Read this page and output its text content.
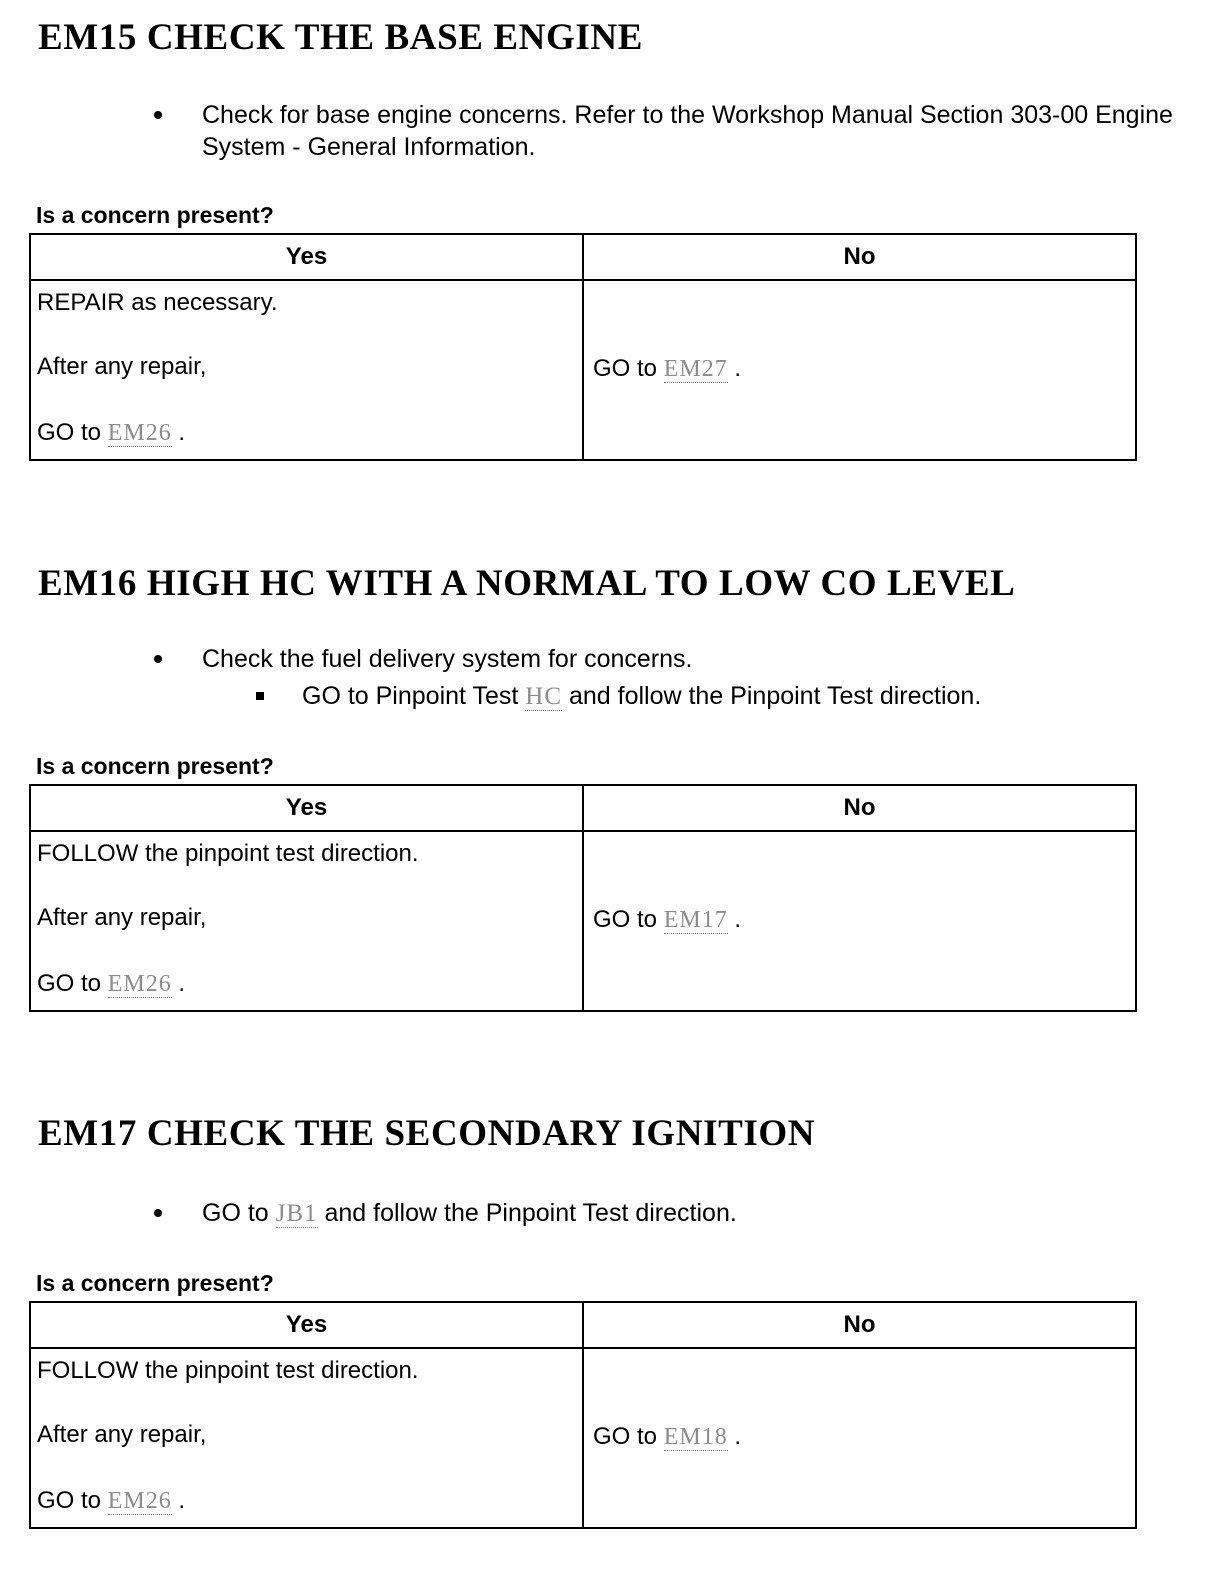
EM15 CHECK THE BASE ENGINE
Check for base engine concerns. Refer to the Workshop Manual Section 303-00 Engine System - General Information.
Is a concern present?
Yes	No

REPAIR as necessary.
After any repair,
GO to EM26 .	GO to EM27 .
EM16 HIGH HC WITH A NORMAL TO LOW CO LEVEL
Check the fuel delivery system for concerns.
GO to Pinpoint Test HC and follow the Pinpoint Test direction.
Is a concern present?
Yes	No

FOLLOW the pinpoint test direction.
After any repair,
GO to EM26 .	GO to EM17 .
EM17 CHECK THE SECONDARY IGNITION
GO to JB1 and follow the Pinpoint Test direction.
Is a concern present?
Yes	No

FOLLOW the pinpoint test direction.
After any repair,
GO to EM26 .	GO to EM18 .
